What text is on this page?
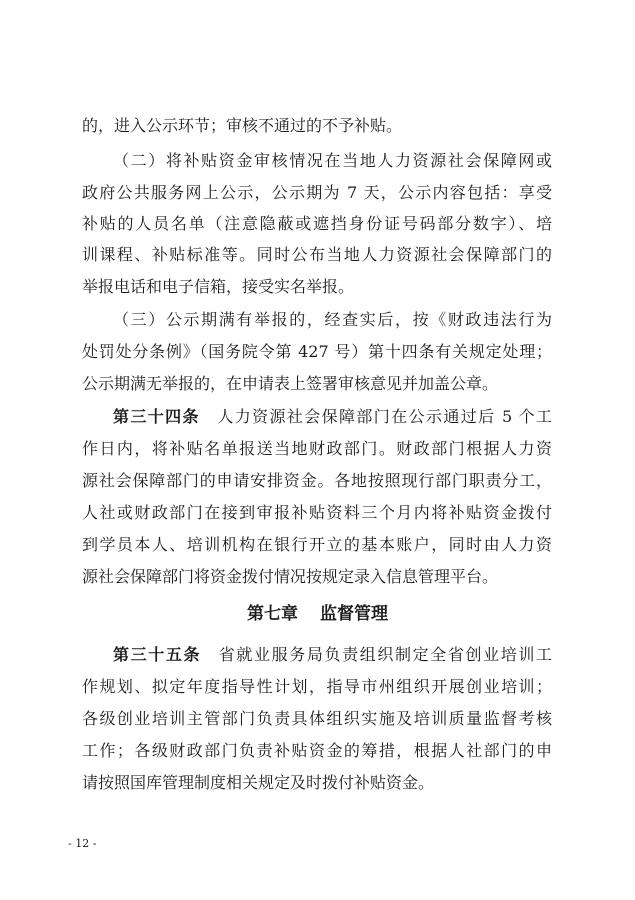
的，进入公示环节；审核不通过的不予补贴。
（二）将补贴资金审核情况在当地人力资源社会保障网或
政府公共服务网上公示，公示期为 7 天，公示内容包括：享受
补贴的人员名单（注意隐蔽或遮挡身份证号码部分数字）、培
训课程、补贴标准等。同时公布当地人力资源社会保障部门的
举报电话和电子信箱，接受实名举报。
（三）公示期满有举报的，经查实后，按《财政违法行为
处罚处分条例》（国务院令第 427 号）第十四条有关规定处理；
公示期满无举报的，在申请表上签署审核意见并加盖公章。
第三十四条　人力资源社会保障部门在公示通过后 5 个工
作日内，将补贴名单报送当地财政部门。财政部门根据人力资
源社会保障部门的申请安排资金。各地按照现行部门职责分工，
人社或财政部门在接到审报补贴资料三个月内将补贴资金拨付
到学员本人、培训机构在银行开立的基本账户，同时由人力资
源社会保障部门将资金拨付情况按规定录入信息管理平台。
第七章 监督管理
第三十五条　省就业服务局负责组织制定全省创业培训工
作规划、拟定年度指导性计划，指导市州组织开展创业培训；
各级创业培训主管部门负责具体组织实施及培训质量监督考核
工作；各级财政部门负责补贴资金的筹措，根据人社部门的申
请按照国库管理制度相关规定及时拨付补贴资金。
- 12 -
